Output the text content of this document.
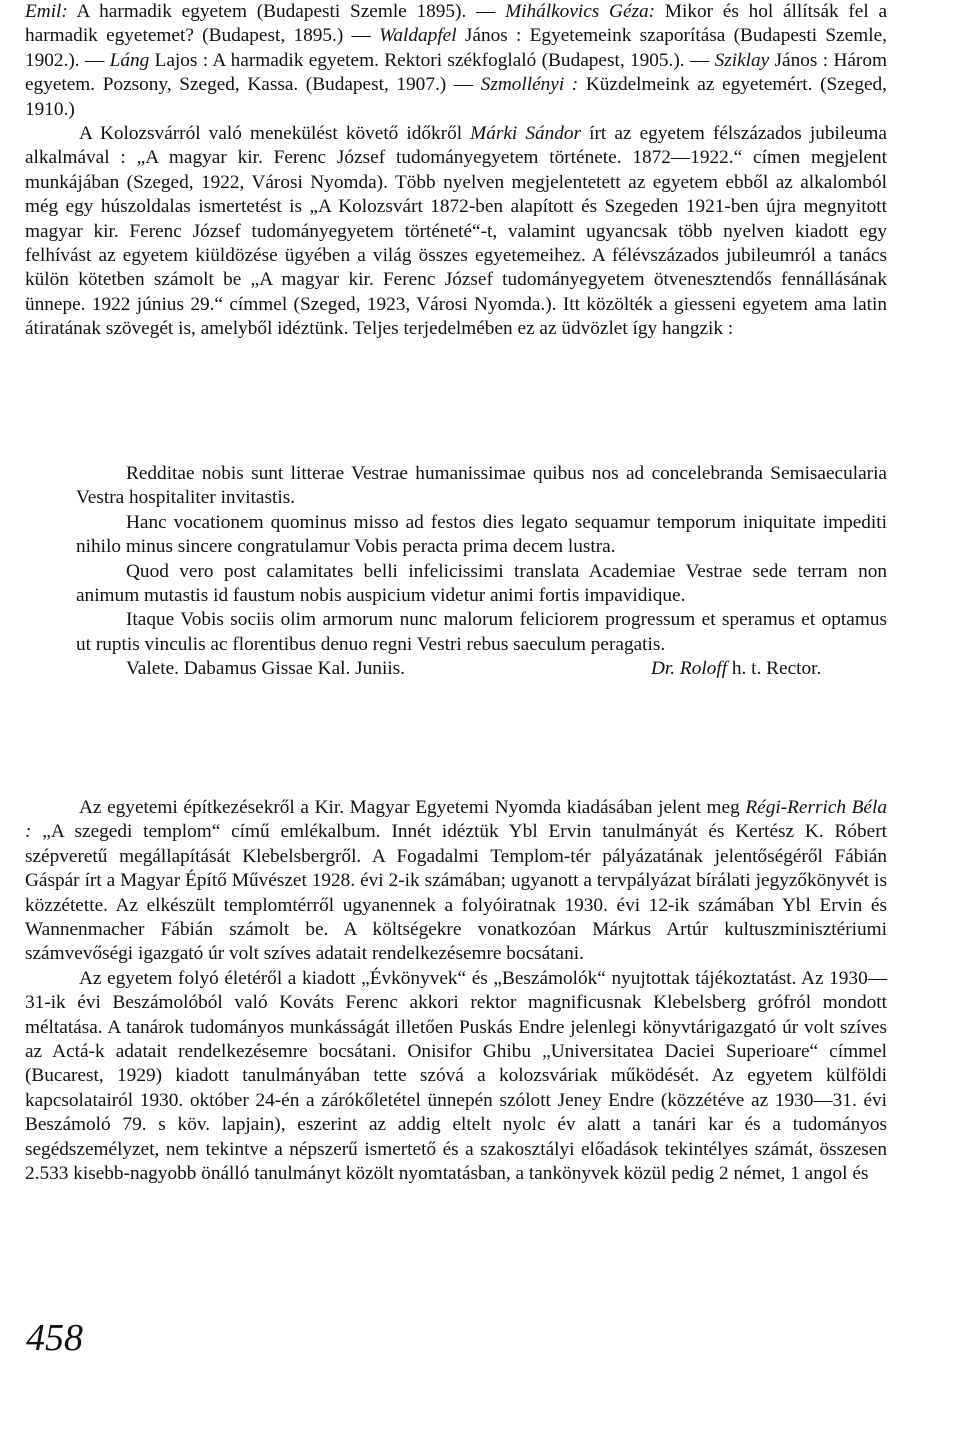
Emil: A harmadik egyetem (Budapesti Szemle 1895). — Mihálkovics Géza: Mikor és hol állítsák fel a harmadik egyetemet? (Budapest, 1895.) — Waldapfel János : Egyetemeink szaporítása (Budapesti Szemle, 1902.). — Láng Lajos : A harmadik egyetem. Rektori székfoglaló (Budapest, 1905.). — Sziklay János : Három egyetem. Pozsony, Szeged, Kassa. (Budapest, 1907.) — Szmollényi : Küzdelmeink az egyetemért. (Szeged, 1910.)

A Kolozsvárról való menekülést követő időkről Márki Sándor írt az egyetem félszázados jubileuma alkalmával : „A magyar kir. Ferenc József tudományegyetem története. 1872—1922.“ címen megjelent munkájában (Szeged, 1922, Városi Nyomda). Több nyelven megjelentetett az egyetem ebből az alkalomból még egy húszoldalas ismertetést is „A Kolozsvárt 1872-ben alapított és Szegeden 1921-ben újra megnyitott magyar kir. Ferenc József tudományegyetem történeté“-t, valamint ugyancsak több nyelven kiadott egy felhívást az egyetem kiüldözése ügyében a világ összes egyetemeihez. A félévszázados jubileumról a tanács külön kötetben számolt be „A magyar kir. Ferenc József tudományegyetem ötvenesztendős fennállásának ünnepe. 1922 június 29.“ címmel (Szeged, 1923, Városi Nyomda.). Itt közölték a giesseni egyetem ama latin átiratának szövegét is, amelyből idéztünk. Teljes terjedelmében ez az üdvözlet így hangzik :

Redditae nobis sunt litterae Vestrae humanissimae quibus nos ad concelebranda Semisaecularia Vestra hospitaliter invitastis.

Hanc vocationem quominus misso ad festos dies legato sequamur temporum iniquitate impediti nihilo minus sincere congratulamur Vobis peracta prima decem lustra.

Quod vero post calamitates belli infelicissimi translata Academiae Vestrae sede terram non animum mutastis id faustum nobis auspicium videtur animi fortis impavidique.

Itaque Vobis sociis olim armorum nunc malorum feliciorem progressum et speramus et optamus ut ruptis vinculis ac florentibus denuo regni Vestri rebus saeculum peragatis.

Valete. Dabamus Gissae Kal. Juniis.	Dr. Roloff h. t. Rector.

Az egyetemi építkezésekről a Kir. Magyar Egyetemi Nyomda kiadásában jelent meg Régi-Rerrich Béla : „A szegedi templom“ című emlékalbum. Innét idéztük Ybl Ervin tanulmányát és Kertész K. Róbert szépveretű megállapítását Klebelsbergről. A Fogadalmi Templom-tér pályázatának jelentőségéről Fábián Gáspár írt a Magyar Építő Művészet 1928. évi 2-ik számában; ugyanott a tervpályázat bírálati jegyzőkönyvét is közzétette. Az elkészült templomtérről ugyanennek a folyóiratnak 1930. évi 12-ik számában Ybl Ervin és Wannenmacher Fábián számolt be. A költségekre vonatkozóan Márkus Artúr kultuszminisztériumi számvevőségi igazgató úr volt szíves adatait rendelkezésemre bocsátani.

Az egyetem folyó életéről a kiadott „Évkönyvek“ és „Beszámolók“ nyujtottak tájékoztatást. Az 1930—31-ik évi Beszámolóból való Kováts Ferenc akkori rektor magnificusnak Klebelsberg grófról mondott méltatása. A tanárok tudományos munkásságát illetően Puskás Endre jelenlegi könyvtárigazgató úr volt szíves az Actá-k adatait rendelkezésemre bocsátani. Onisifor Ghibu „Universitatea Daciei Superioare“ címmel (Bucarest, 1929) kiadott tanulmányában tette szóvá a kolozsváriak működését. Az egyetem külföldi kapcsolatairól 1930. október 24-én a zárókőletétel ünnepén szólott Jeney Endre (közzétéve az 1930—31. évi Beszámoló 79. s köv. lapjain), eszerint az addig eltelt nyolc év alatt a tanári kar és a tudományos segédszemélyzet, nem tekintve a népszerű ismertető és a szakosztályi előadások tekintélyes számát, összesen 2.533 kisebb-nagyobb önálló tanulmányt közölt nyomtatásban, a tankönyvek közül pedig 2 német, 1 angol és

458
